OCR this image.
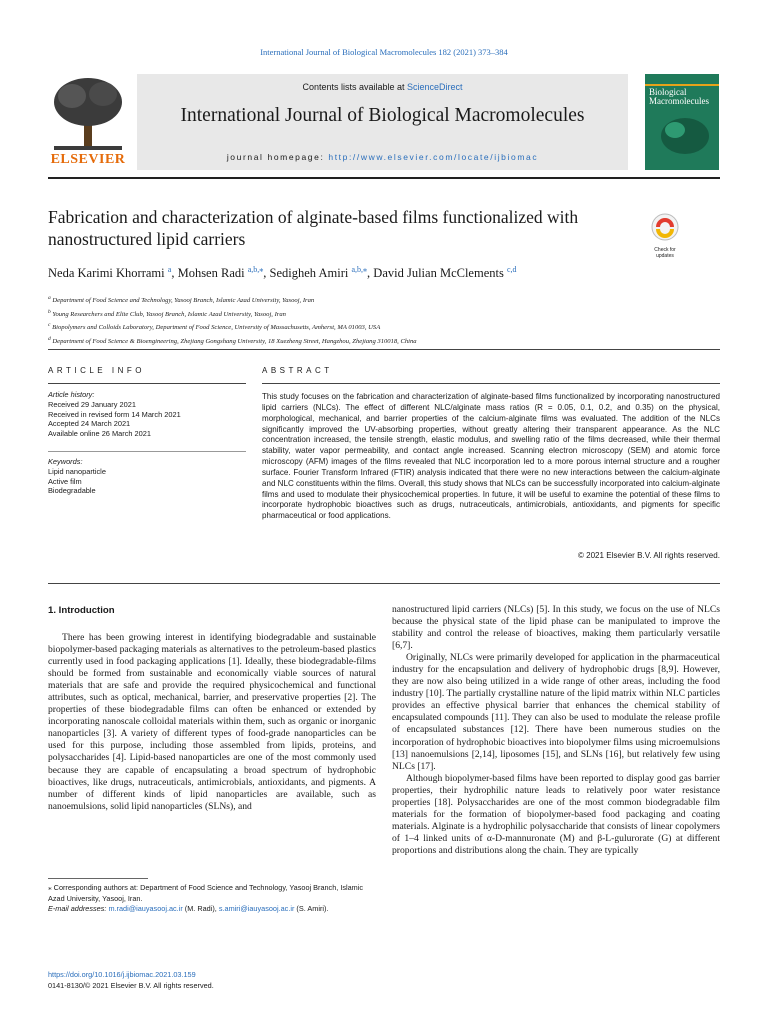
International Journal of Biological Macromolecules 182 (2021) 373–384
ELSEVIER
Contents lists available at ScienceDirect
International Journal of Biological Macromolecules
journal homepage: http://www.elsevier.com/locate/ijbiomac
Biological
Macromolecules
Fabrication and characterization of alginate-based films functionalized with nanostructured lipid carriers
Check for updates
Neda Karimi Khorrami $^a$, Mohsen Radi $^{a,b,⁎}$, Sedigheh Amiri $^{a,b,⁎}$, David Julian McClements $^{c,d}$
$^a$ Department of Food Science and Technology, Yasooj Branch, Islamic Azad University, Yasooj, Iran
$^b$ Young Researchers and Elite Club, Yasooj Branch, Islamic Azad University, Yasooj, Iran
$^c$ Biopolymers and Colloids Laboratory, Department of Food Science, University of Massachusetts, Amherst, MA 01003, USA
$^d$ Department of Food Science & Bioengineering, Zhejiang Gongshang University, 18 Xuezheng Street, Hangzhou, Zhejiang 310018, China
ARTICLE INFO
Article history:
Received 29 January 2021
Received in revised form 14 March 2021
Accepted 24 March 2021
Available online 26 March 2021
Keywords:
Lipid nanoparticle
Active film
Biodegradable
ABSTRACT
This study focuses on the fabrication and characterization of alginate-based films functionalized by incorporating nanostructured lipid carriers (NLCs). The effect of different NLC/alginate mass ratios (R = 0.05, 0.1, 0.2, and 0.35) on the physical, morphological, mechanical, and barrier properties of the calcium-alginate films was evaluated. The addition of the NLCs significantly improved the UV-absorbing properties, without greatly altering their transparent appearance. As the NLC concentration increased, the tensile strength, elastic modulus, and swelling ratio of the films decreased, while their thermal stability, water vapor permeability, and contact angle increased. Scanning electron microscopy (SEM) and atomic force microscopy (AFM) images of the films revealed that NLC incorporation led to a more porous internal structure and a rougher surface. Fourier Transform Infrared (FTIR) analysis indicated that there were no new interactions between the calcium-alginate and NLC constituents within the films. Overall, this study shows that NLCs can be successfully incorporated into calcium-alginate films and used to modulate their physicochemical properties. In future, it will be useful to examine the potential of these films to incorporate hydrophobic bioactives such as drugs, nutraceuticals, antimicrobials, antioxidants, and pigments for specific pharmaceutical or food applications.
© 2021 Elsevier B.V. All rights reserved.
1. Introduction

There has been growing interest in identifying biodegradable and sustainable biopolymer-based packaging materials as alternatives to the petroleum-based plastics currently used in food packaging applications [1]. Ideally, these biodegradable-films should be formed from sustainable and economically viable sources of natural materials that are safe and provide the required physicochemical and functional attributes, such as optical, mechanical, barrier, and preservative properties [2]. The properties of these biodegradable films can often be enhanced or extended by incorporating nanoscale colloidal materials within them, such as organic or inorganic nanoparticles [3]. A variety of different types of food-grade nanoparticles can be used for this purpose, including those assembled from lipids, proteins, and polysaccharides [4]. Lipid-based nanoparticles are one of the most commonly used because they are capable of encapsulating a broad spectrum of hydrophobic bioactives, like drugs, nutraceuticals, antimicrobials, antioxidants, and pigments. A number of different kinds of lipid nanoparticles are available, such as nanoemulsions, solid lipid nanoparticles (SLNs), and

nanostructured lipid carriers (NLCs) [5]. In this study, we focus on the use of NLCs because the physical state of the lipid phase can be manipulated to improve the stability and control the release of bioactives, making them particularly versatile [6,7].

Originally, NLCs were primarily developed for application in the pharmaceutical industry for the encapsulation and delivery of hydrophobic drugs [8,9]. However, they are now also being utilized in a wide range of other areas, including the food industry [10]. The partially crystalline nature of the lipid matrix within NLC particles provides an effective physical barrier that enhances the chemical stability of encapsulated compounds [11]. They can also be used to modulate the release profile of encapsulated substances [12]. There have been numerous studies on the incorporation of hydrophobic bioactives into biopolymer films using microemulsions [13] nanoemulsions [2,14], liposomes [15], and SLNs [16], but relatively few using NLCs [17].

Although biopolymer-based films have been reported to display good gas barrier properties, their hydrophilic nature leads to relatively poor water resistance properties [18]. Polysaccharides are one of the most common biodegradable film materials for the formation of biopolymer-based food packaging and coating materials. Alginate is a hydrophilic polysaccharide that consists of linear copolymers of 1–4 linked units of α-D-mannuronate (M) and β-L-gulurorate (G) at different proportions and distributions along the chain. They are typically

⁎ Corresponding authors at: Department of Food Science and Technology, Yasooj Branch, Islamic Azad University, Yasooj, Iran.
E-mail addresses: m.radi@iauyasooj.ac.ir (M. Radi), s.amiri@iauyasooj.ac.ir (S. Amiri).
https://doi.org/10.1016/j.ijbiomac.2021.03.159
0141-8130/© 2021 Elsevier B.V. All rights reserved.
